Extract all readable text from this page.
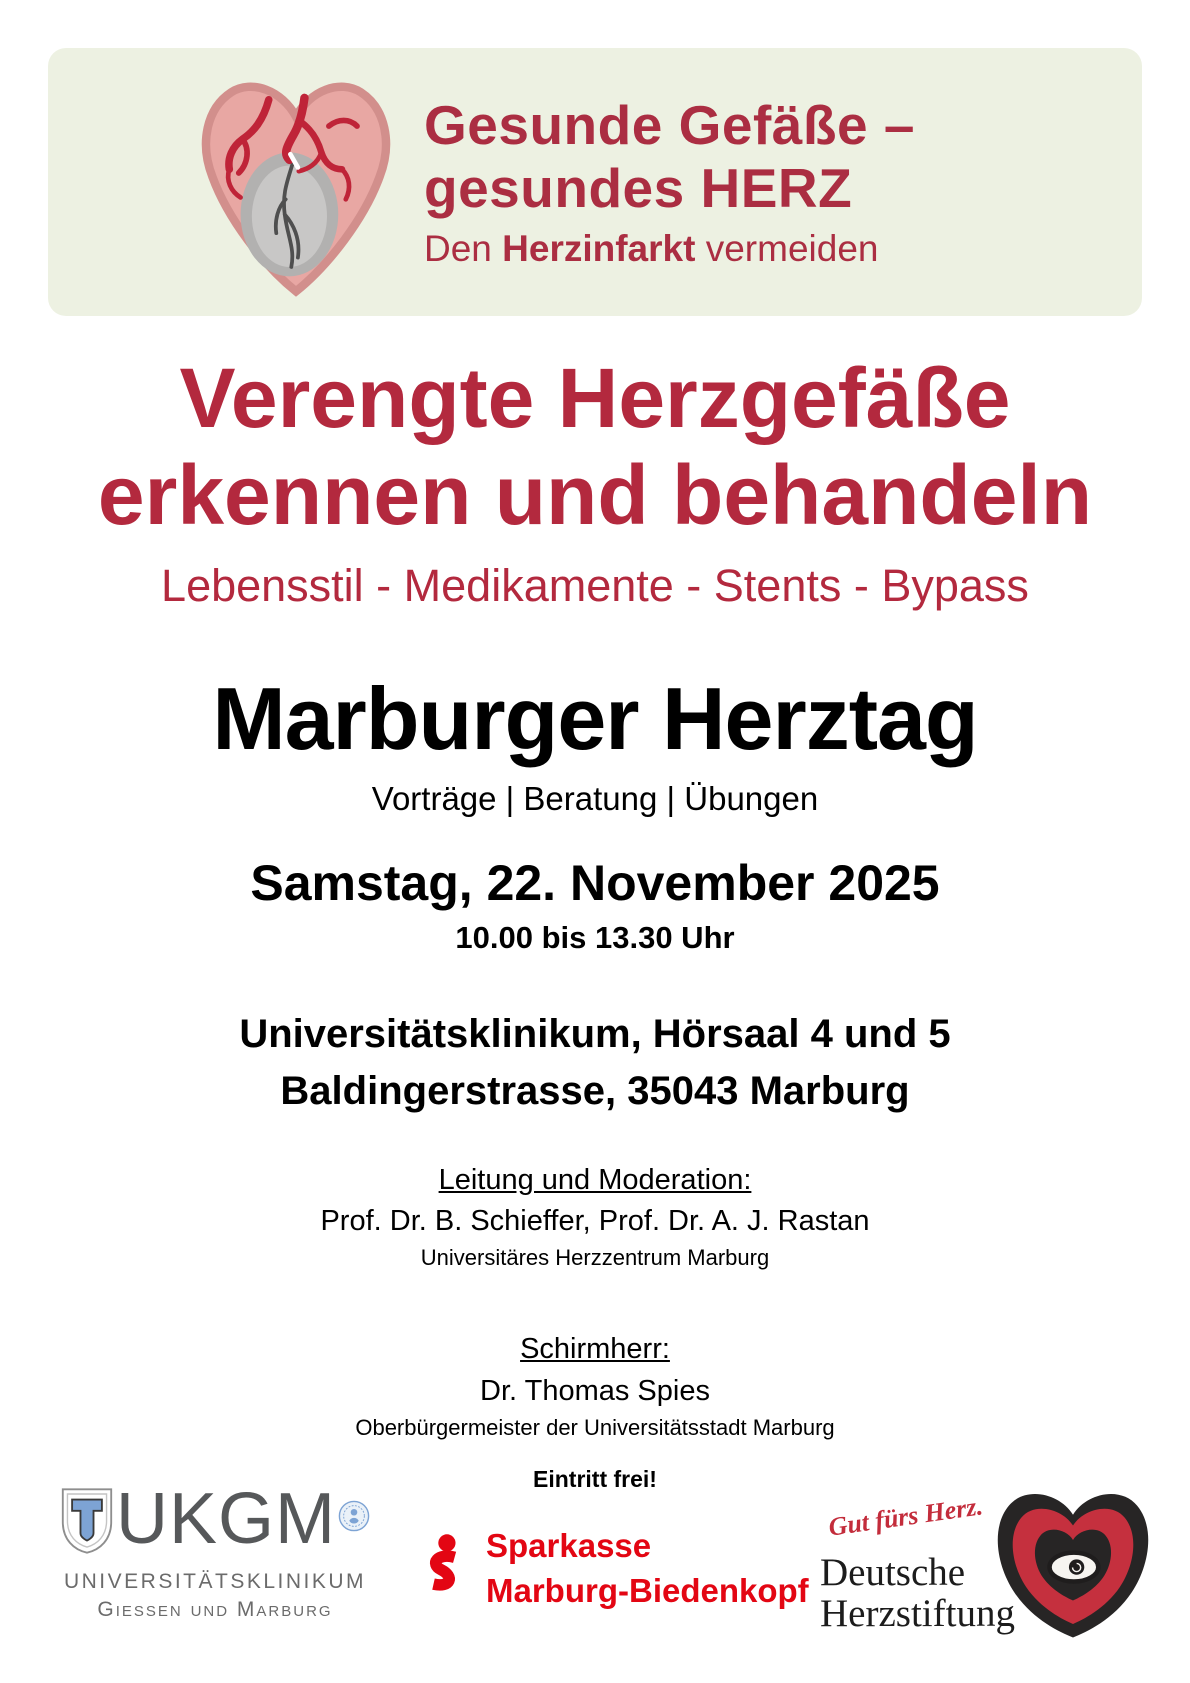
Gesunde Gefäße –
gesundes HERZ
Den Herzinfarkt vermeiden
Verengte Herzgefäße
erkennen und behandeln
Lebensstil - Medikamente - Stents - Bypass
Marburger Herztag
Vorträge | Beratung | Übungen
Samstag, 22. November 2025
10.00 bis 13.30 Uhr
Universitätsklinikum, Hörsaal 4 und 5
Baldingerstrasse, 35043 Marburg
Leitung und Moderation:
Prof. Dr. B. Schieffer, Prof. Dr. A. J. Rastan
Universitäres Herzzentrum Marburg
Schirmherr:
Dr. Thomas Spies
Oberbürgermeister der Universitätsstadt Marburg
Eintritt frei!
UKGM
UNIVERSITÄTSKLINIKUM
Giessen und Marburg
Sparkasse
Marburg-Biedenkopf
Gut fürs Herz.
Deutsche
Herzstiftung
